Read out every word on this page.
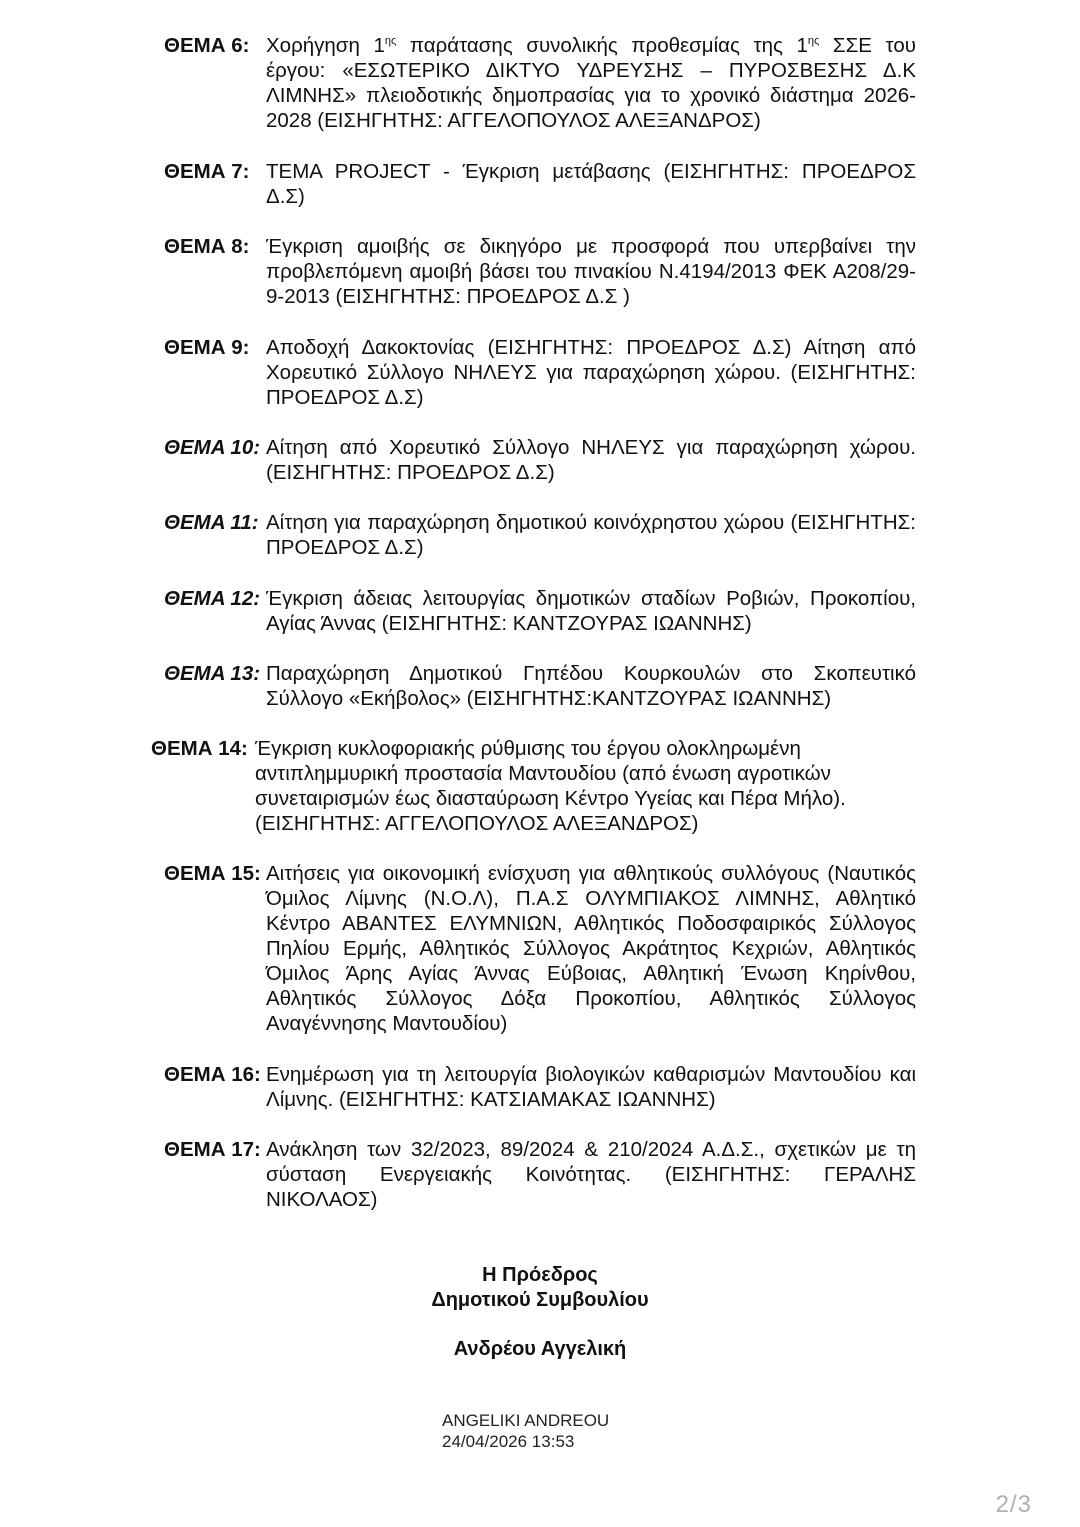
ΘΕΜΑ 6: Χορήγηση $1^{\eta\varsigma}$ παράτασης συνολικής προθεσμίας της $1^{\eta\varsigma}$ ΣΣΕ του έργου: «ΕΣΩΤΕΡΙΚΟ ΔΙΚΤΥΟ ΥΔΡΕΥΣΗΣ – ΠΥΡΟΣΒΕΣΗΣ Δ.Κ ΛΙΜΝΗΣ» πλειοδοτικής δημοπρασίας για το χρονικό διάστημα 2026-2028 (ΕΙΣΗΓΗΤΗΣ: ΑΓΓΕΛΟΠΟΥΛΟΣ ΑΛΕΞΑΝΔΡΟΣ)
ΘΕΜΑ 7: TEMA PROJECT - Έγκριση μετάβασης (ΕΙΣΗΓΗΤΗΣ: ΠΡΟΕΔΡΟΣ Δ.Σ)
ΘΕΜΑ 8: Έγκριση αμοιβής σε δικηγόρο με προσφορά που υπερβαίνει την προβλεπόμενη αμοιβή βάσει του πινακίου Ν.4194/2013 ΦΕΚ Α208/29-9-2013 (ΕΙΣΗΓΗΤΗΣ: ΠΡΟΕΔΡΟΣ Δ.Σ )
ΘΕΜΑ 9: Αποδοχή Δακοκτονίας (ΕΙΣΗΓΗΤΗΣ: ΠΡΟΕΔΡΟΣ Δ.Σ) Αίτηση από Χορευτικό Σύλλογο ΝΗΛΕΥΣ για παραχώρηση χώρου. (ΕΙΣΗΓΗΤΗΣ: ΠΡΟΕΔΡΟΣ Δ.Σ)
ΘΕΜΑ 10: Αίτηση από Χορευτικό Σύλλογο ΝΗΛΕΥΣ για παραχώρηση χώρου. (ΕΙΣΗΓΗΤΗΣ: ΠΡΟΕΔΡΟΣ Δ.Σ)
ΘΕΜΑ 11: Αίτηση για παραχώρηση δημοτικού κοινόχρηστου χώρου (ΕΙΣΗΓΗΤΗΣ: ΠΡΟΕΔΡΟΣ Δ.Σ)
ΘΕΜΑ 12: Έγκριση άδειας λειτουργίας δημοτικών σταδίων Ροβιών, Προκοπίου, Αγίας Άννας (ΕΙΣΗΓΗΤΗΣ: ΚΑΝΤΖΟΥΡΑΣ ΙΩΑΝΝΗΣ)
ΘΕΜΑ 13: Παραχώρηση Δημοτικού Γηπέδου Κουρκουλών στο Σκοπευτικό Σύλλογο «Εκήβολος» (ΕΙΣΗΓΗΤΗΣ:ΚΑΝΤΖΟΥΡΑΣ ΙΩΑΝΝΗΣ)
ΘΕΜΑ 14: Έγκριση κυκλοφοριακής ρύθμισης του έργου ολοκληρωμένη αντιπλημμυρική προστασία Μαντουδίου (από ένωση αγροτικών συνεταιρισμών έως διασταύρωση Κέντρο Υγείας και Πέρα Μήλο). (ΕΙΣΗΓΗΤΗΣ: ΑΓΓΕΛΟΠΟΥΛΟΣ ΑΛΕΞΑΝΔΡΟΣ)
ΘΕΜΑ 15: Αιτήσεις για οικονομική ενίσχυση για αθλητικούς συλλόγους (Ναυτικός Όμιλος Λίμνης (Ν.Ο.Λ), Π.Α.Σ ΟΛΥΜΠΙΑΚΟΣ ΛΙΜΝΗΣ, Αθλητικό Κέντρο ΑΒΑΝΤΕΣ ΕΛΥΜΝΙΩΝ, Αθλητικός Ποδοσφαιρικός Σύλλογος Πηλίου Ερμής, Αθλητικός Σύλλογος Ακράτητος Κεχριών, Αθλητικός Όμιλος Άρης Αγίας Άννας Εύβοιας, Αθλητική Ένωση Κηρίνθου, Αθλητικός Σύλλογος Δόξα Προκοπίου, Αθλητικός Σύλλογος Αναγέννησης Μαντουδίου)
ΘΕΜΑ 16: Ενημέρωση για τη λειτουργία βιολογικών καθαρισμών Μαντουδίου και Λίμνης. (ΕΙΣΗΓΗΤΗΣ: ΚΑΤΣΙΑΜΑΚΑΣ ΙΩΑΝΝΗΣ)
ΘΕΜΑ 17: Ανάκληση των 32/2023, 89/2024 & 210/2024 Α.Δ.Σ., σχετικών με τη σύσταση Ενεργειακής Κοινότητας. (ΕΙΣΗΓΗΤΗΣ: ΓΕΡΑΛΗΣ ΝΙΚΟΛΑΟΣ)
Η Πρόεδρος
Δημοτικού Συμβουλίου
Ανδρέου Αγγελική
ANGELIKI ANDREOU
24/04/2026 13:53
2/3
